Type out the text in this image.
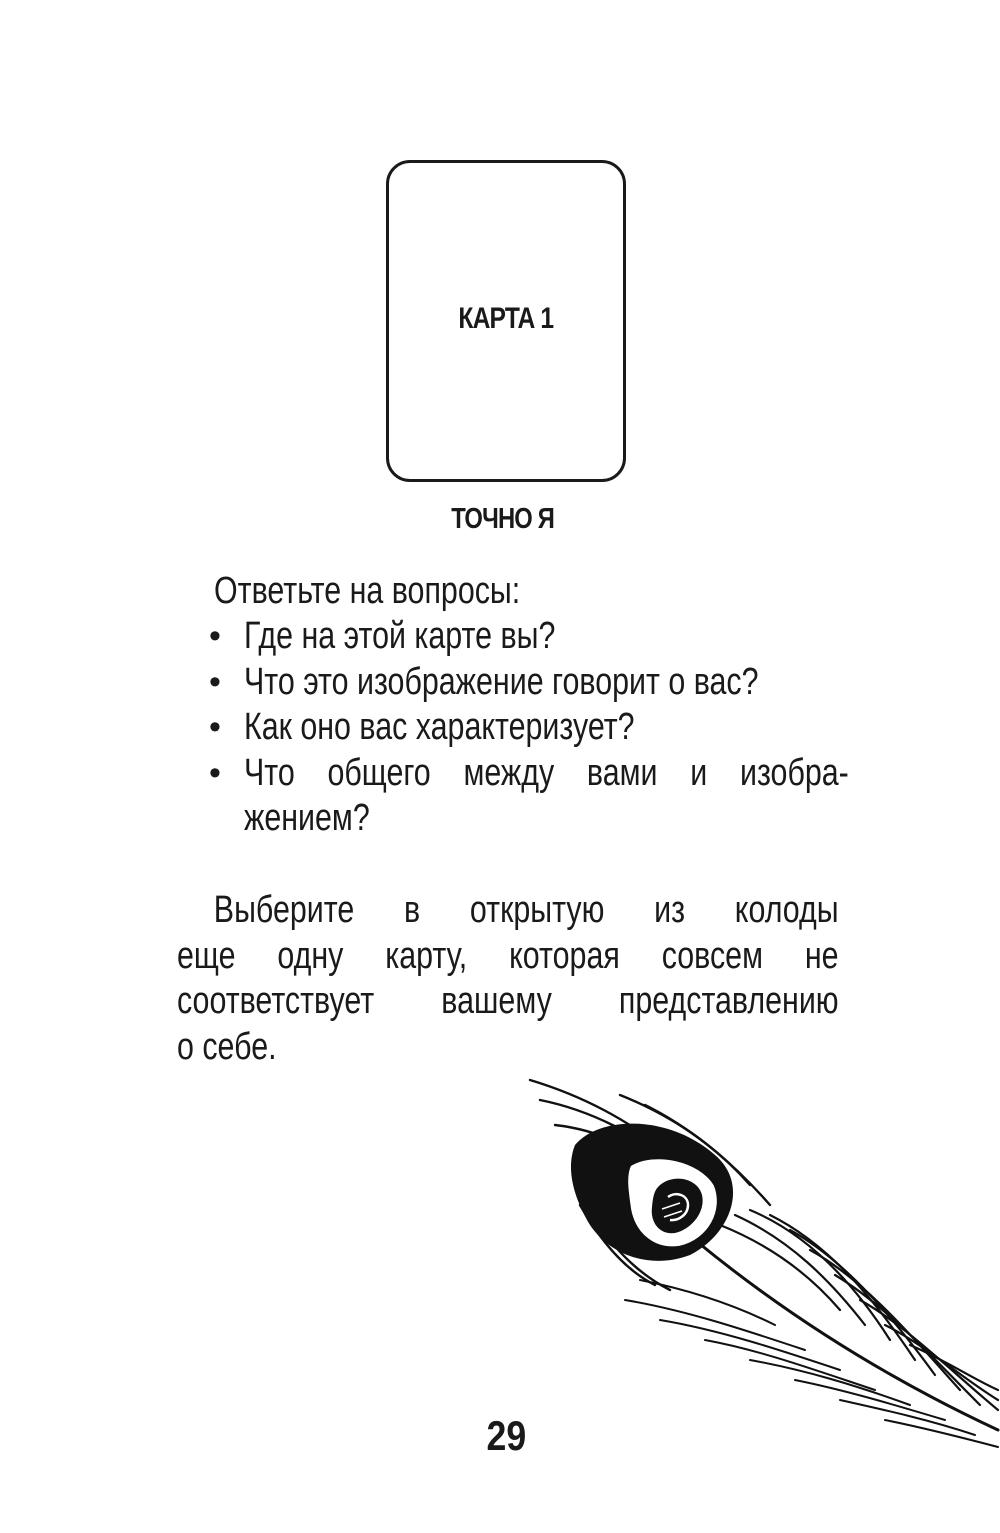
КАРТА 1
ТОЧНО Я
Ответьте на вопросы:
• Где на этой карте вы?
• Что это изображение говорит о вас?
• Как оно вас характеризует?
• Что общего между вами и изобра-
жением?
Выберите в открытую из колоды
еще одну карту, которая совсем не
соответствует вашему представлению
о себе.
29
